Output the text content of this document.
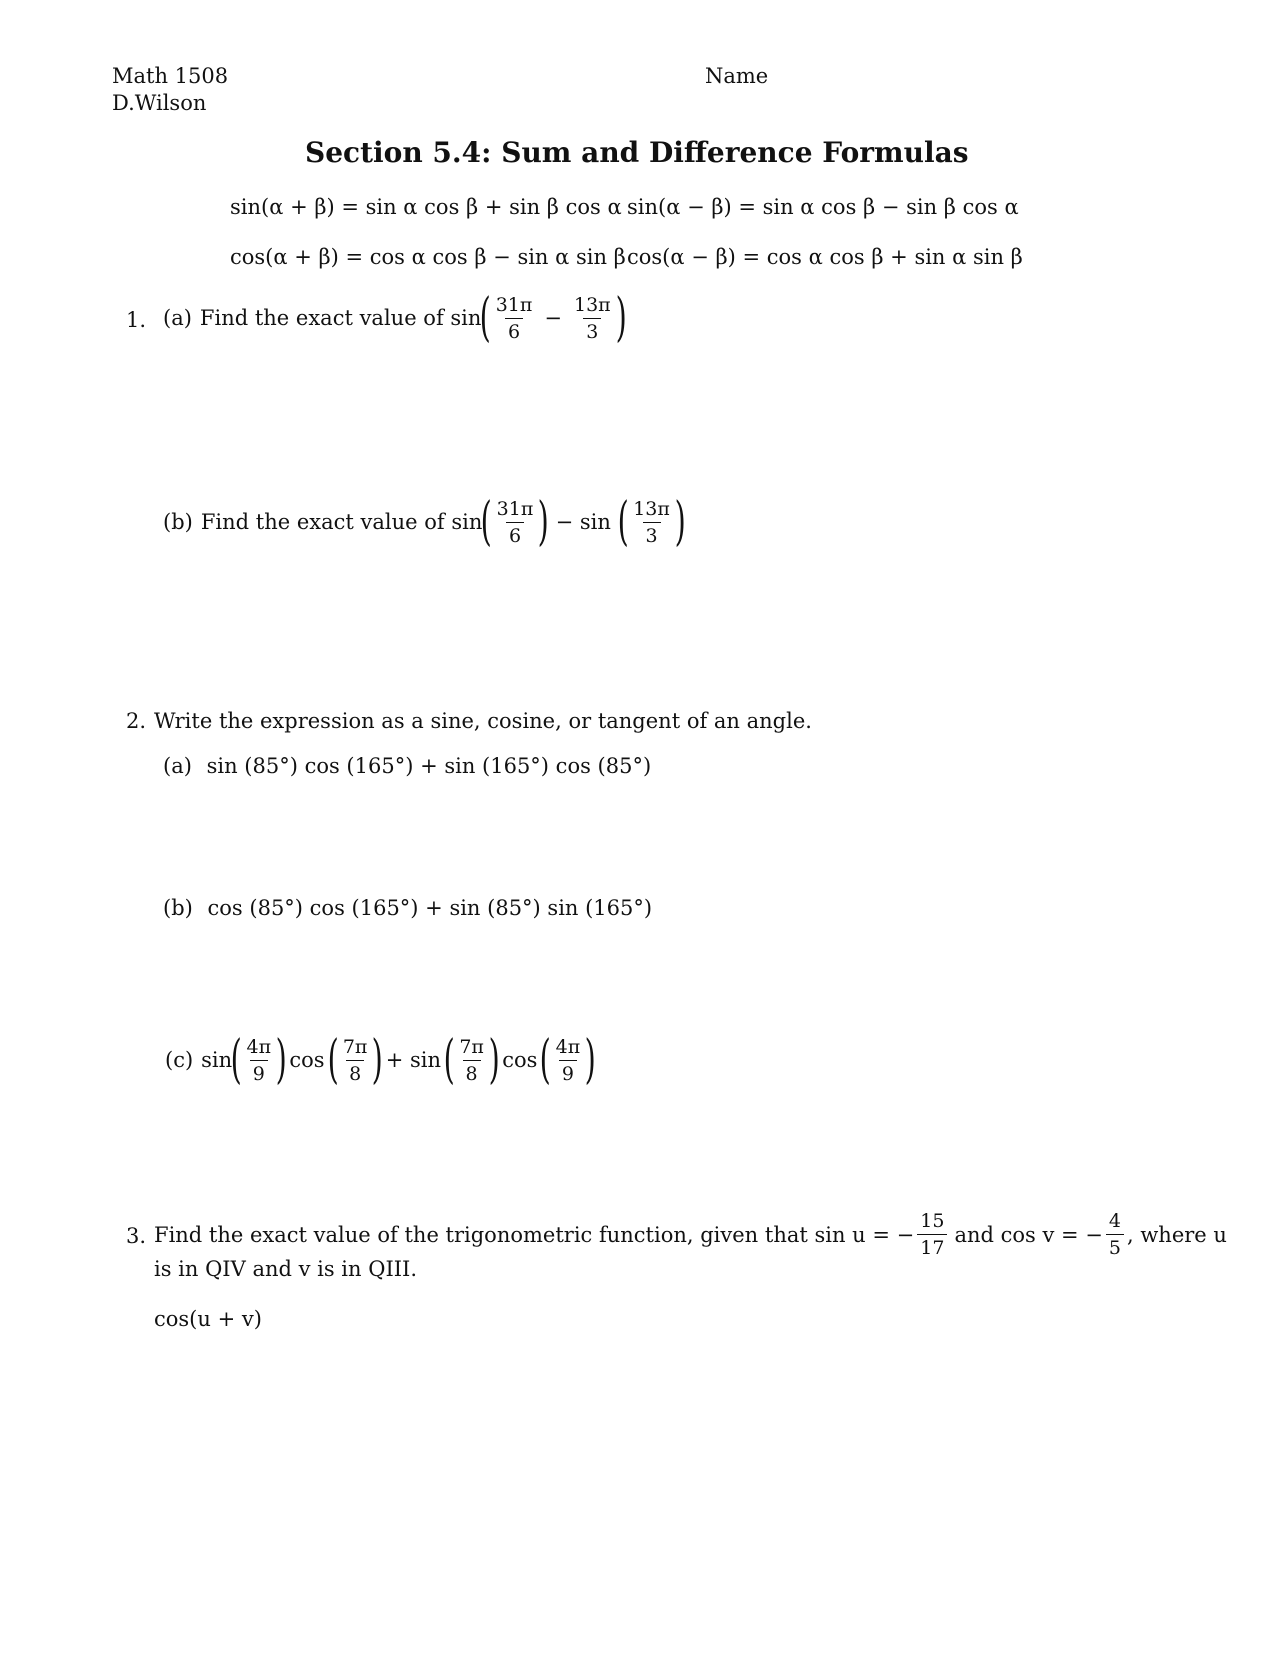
Math 1508
D.Wilson
Name
Section 5.4: Sum and Difference Formulas
sin(α + β) = sin α cos β + sin β cos α sin(α − β) = sin α cos β − sin β cos α
cos(α + β) = cos α cos β − sin α sin β cos(α − β) = cos α cos β + sin α sin β
1. (a) Find the exact value of sin
( $\frac{31\pi}{6} - \frac{13\pi}{3}$ )
(b) Find the exact value of sin
( $\frac{31\pi}{6}$ ) − sin ( $\frac{13\pi}{3}$ )
2. Write the expression as a sine, cosine, or tangent of an angle.
(a) sin (85°) cos (165°) + sin (165°) cos (85°)
(b) cos (85°) cos (165°) + sin (85°) sin (165°)
(c) sin
( $\frac{4\pi}{9}$ ) cos ( $\frac{7\pi}{8}$ ) + sin ( $\frac{7\pi}{8}$ ) cos ( $\frac{4\pi}{9}$ )
3. Find the exact value of the trigonometric function, given that sin u = − $\frac{15}{17}$ and cos v = − $\frac{4}{5}$ , where u
is in QIV and v is in QIII.
cos(u + v)
